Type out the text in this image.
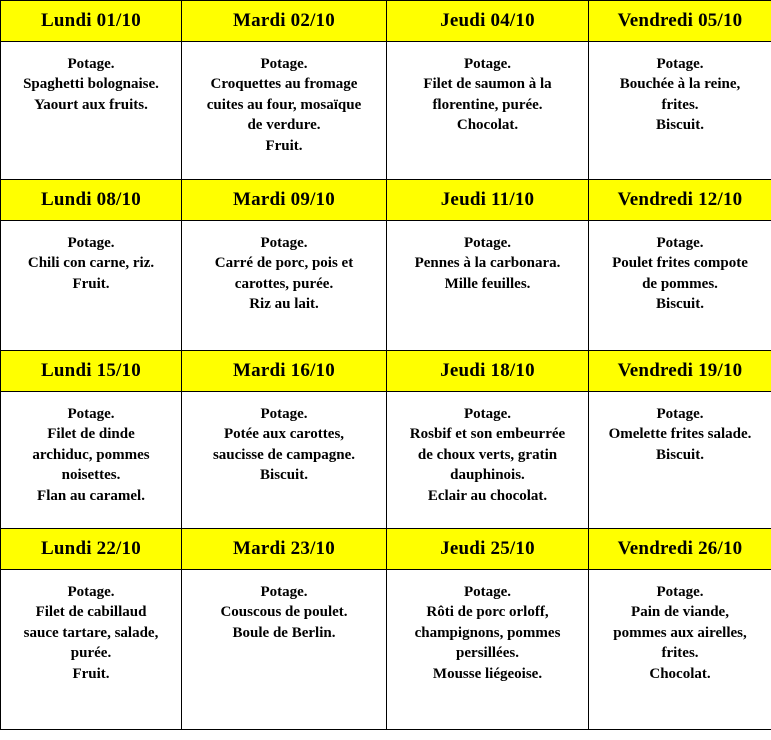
Lundi 01/10	Mardi 02/10	Jeudi 04/10	Vendredi 05/10

Potage.
Spaghetti bolognaise.
Yaourt aux fruits.	Potage.
Croquettes au fromage
cuites au four, mosaïque
de verdure.
Fruit.	Potage.
Filet de saumon à la
florentine, purée.
Chocolat.	Potage.
Bouchée à la reine,
frites.
Biscuit.

Lundi 08/10	Mardi 09/10	Jeudi 11/10	Vendredi 12/10

Potage.
Chili con carne, riz.
Fruit.	Potage.
Carré de porc, pois et
carottes, purée.
Riz au lait.	Potage.
Pennes à la carbonara.
Mille feuilles.	Potage.
Poulet frites compote
de pommes.
Biscuit.

Lundi 15/10	Mardi 16/10	Jeudi 18/10	Vendredi 19/10

Potage.
Filet de dinde
archiduc, pommes
noisettes.
Flan au caramel.	Potage.
Potée aux carottes,
saucisse de campagne.
Biscuit.	Potage.
Rosbif et son embeurrée
de choux verts, gratin
dauphinois.
Eclair au chocolat.	Potage.
Omelette frites salade.
Biscuit.

Lundi 22/10	Mardi 23/10	Jeudi 25/10	Vendredi 26/10

Potage.
Filet de cabillaud
sauce tartare, salade,
purée.
Fruit.	Potage.
Couscous de poulet.
Boule de Berlin.	Potage.
Rôti de porc orloff,
champignons, pommes
persillées.
Mousse liégeoise.	Potage.
Pain de viande,
pommes aux airelles,
frites.
Chocolat.
